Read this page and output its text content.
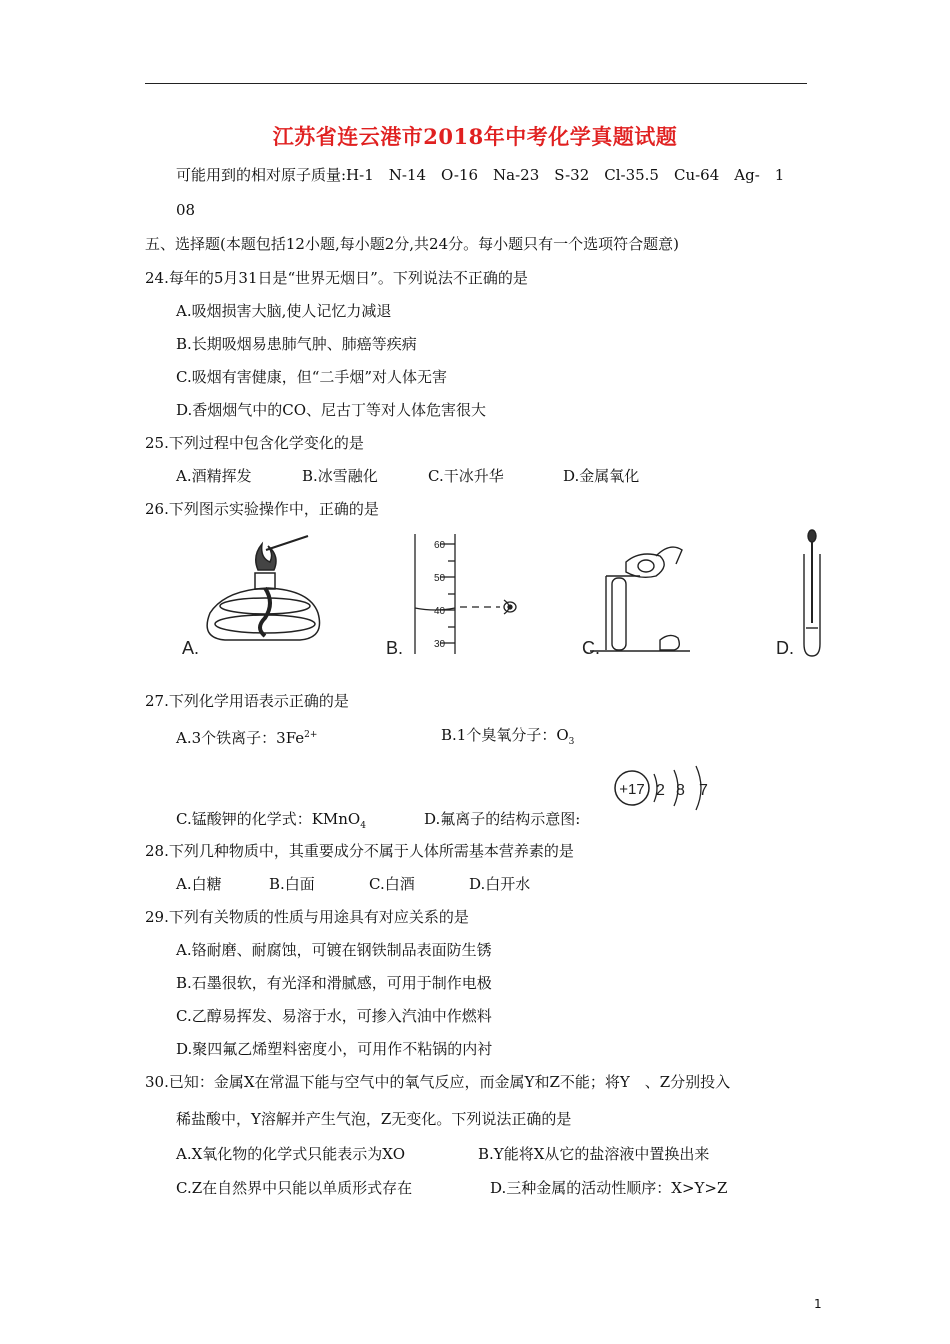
江苏省连云港市2018年中考化学真题试题
可能用到的相对原子质量:H-1　N-14　O-16　Na-23　S-32　Cl-35.5　Cu-64　Ag-　1
08
五、选择题(本题包括12小题,每小题2分,共24分。每小题只有一个选项符合题意)
24.每年的5月31日是“世界无烟日”。下列说法不正确的是
A.吸烟损害大脑,使人记忆力减退
B.长期吸烟易患肺气肿、肺癌等疾病
C.吸烟有害健康，但“二手烟”对人体无害
D.香烟烟气中的CO、尼古丁等对人体危害很大
25.下列过程中包含化学变化的是
A.酒精挥发	B.冰雪融化	C.干冰升华	D.金属氧化
26.下列图示实验操作中，正确的是
A.
60
50
40
30
B.	C.	D.
27.下列化学用语表示正确的是
A.3个铁离子：$3Fe^{2+}$	B.1个臭氧分子：$O_3$
+17 2 8 7
C.锰酸钾的化学式：KMnO$_4$	D.氟离子的结构示意图:
28.下列几种物质中，其重要成分不属于人体所需基本营养素的是
A.白糖	B.白面	C.白酒	D.白开水
29.下列有关物质的性质与用途具有对应关系的是
A.铬耐磨、耐腐蚀，可镀在钢铁制品表面防生锈
B.石墨很软，有光泽和滑腻感，可用于制作电极
C.乙醇易挥发、易溶于水，可掺入汽油中作燃料
D.聚四氟乙烯塑料密度小，可用作不粘锅的内衬
30.已知：金属X在常温下能与空气中的氧气反应，而金属Y和Z不能；将Y　、Z分别投入
稀盐酸中，Y溶解并产生气泡，Z无变化。下列说法正确的是
A.X氧化物的化学式只能表示为XO	B.Y能将X从它的盐溶液中置换出来
C.Z在自然界中只能以单质形式存在	D.三种金属的活动性顺序：X>Y>Z
1
